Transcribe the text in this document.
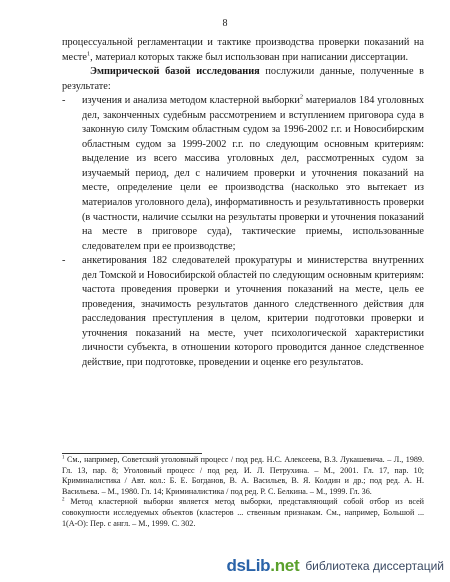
8

процессуальной регламентации и тактике производства проверки показаний на месте$^1$, материал которых также был использован при написании диссертации.

Эмпирической базой исследования послужили данные, полученные в результате:

- изучения и анализа методом кластерной выборки$^2$ материалов 184 уголовных дел, законченных судебным рассмотрением и вступлением приговора суда в законную силу Томским областным судом за 1996-2002 г.г. и Новосибирским областным судом за 1999-2002 г.г. по следующим основным критериям: выделение из всего массива уголовных дел, рассмотренных судом за изучаемый период, дел с наличием проверки и уточнения показаний на месте, определение цели ее производства (насколько это вытекает из материалов уголовного дела), информативность и результативность проверки (в частности, наличие ссылки на результаты проверки и уточнения показаний на месте в приговоре суда), тактические приемы, использованные следователем при ее производстве;

- анкетирования 182 следователей прокуратуры и министерства внутренних дел Томской и Новосибирской областей по следующим основным критериям: частота проведения проверки и уточнения показаний на месте, цель ее проведения, значимость результатов данного следственного действия для расследования преступления в целом, критерии подготовки проверки и уточнения показаний на месте, учет психологической характеристики личности субъекта, в отношении которого проводится данное следственное действие, при подготовке, проведении и оценке его результатов.

$^1$ См., например, Советский уголовный процесс / под ред. Н.С. Алексеева, В.З. Лукашевича. – Л., 1989. Гл. 13, пар. 8; Уголовный процесс / под ред. И. Л. Петрухина. – М., 2001. Гл. 17, пар. 10; Криминалистика / Авт. кол.: Б. Е. Богданов, В. А. Васильев, В. Я. Колдин и др.; под ред. А. Н. Васильева. – М., 1980. Гл. 14; Криминалистика / под ред. Р. С. Белкина. – М., 1999. Гл. 36.

$^2$ Метод кластерной выборки является метод выборки, представляющий собой отбор из всей совокупности исследуемых объектов (кластеров ... ственным признакам. См., например, Большой ... 1(А-О): Пер. с англ. – М., 1999. С. 302.

dsLib.net библиотека диссертаций
